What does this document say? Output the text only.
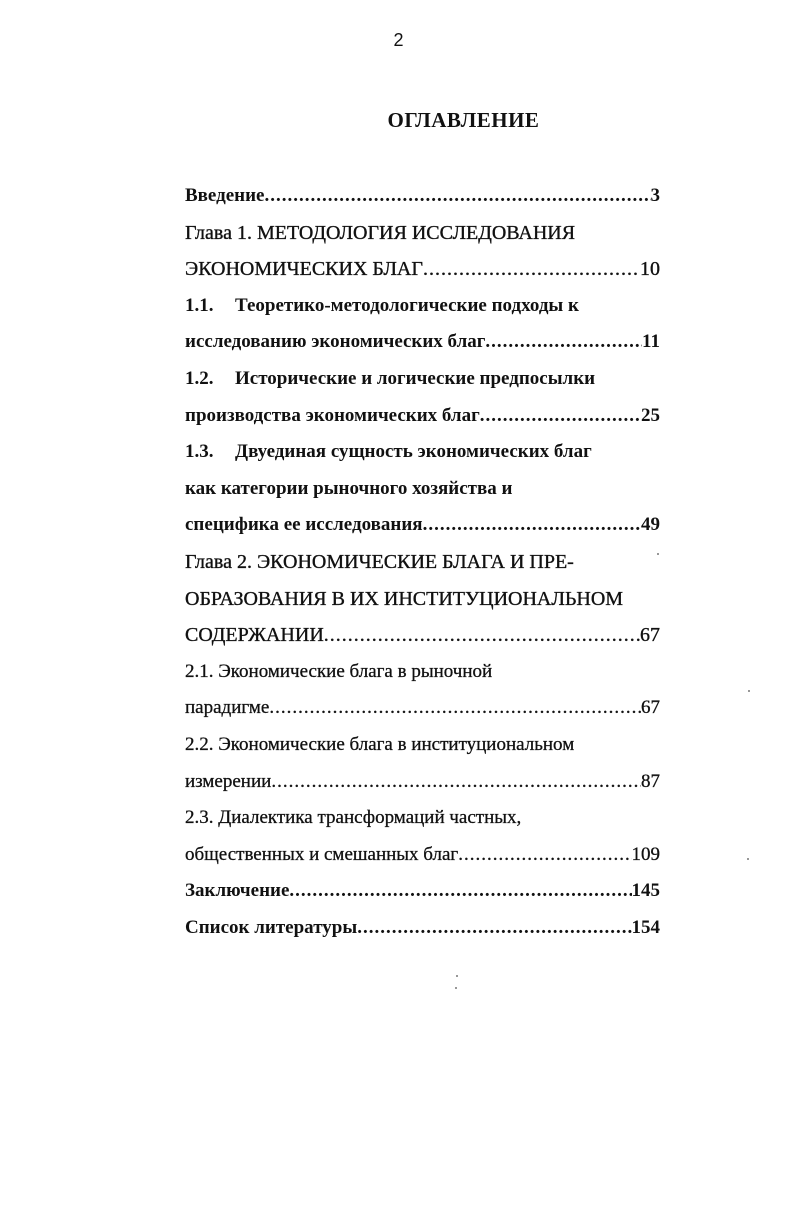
2
ОГЛАВЛЕНИЕ
Введение .....	3
Глава 1. МЕТОДОЛОГИЯ ИССЛЕДОВАНИЯ
ЭКОНОМИЧЕСКИХ БЛАГ .....	10
1.1. Теоретико-методологические подходы к
исследованию экономических благ .....	11
1.2. Исторические и логические предпосылки
производства экономических благ .....	25
1.3. Двуединая сущность экономических благ
как категории рыночного хозяйства и
специфика ее исследования .....	49
Глава 2. ЭКОНОМИЧЕСКИЕ БЛАГА И ПРЕ-
ОБРАЗОВАНИЯ В ИХ ИНСТИТУЦИОНАЛЬНОМ
СОДЕРЖАНИИ .....	67
2.1. Экономические блага в рыночной
парадигме .....	67
2.2. Экономические блага в институциональном
измерении .....	87
2.3. Диалектика трансформаций частных,
общественных и смешанных благ .....	109
Заключение .....	145
Список литературы .....	154
